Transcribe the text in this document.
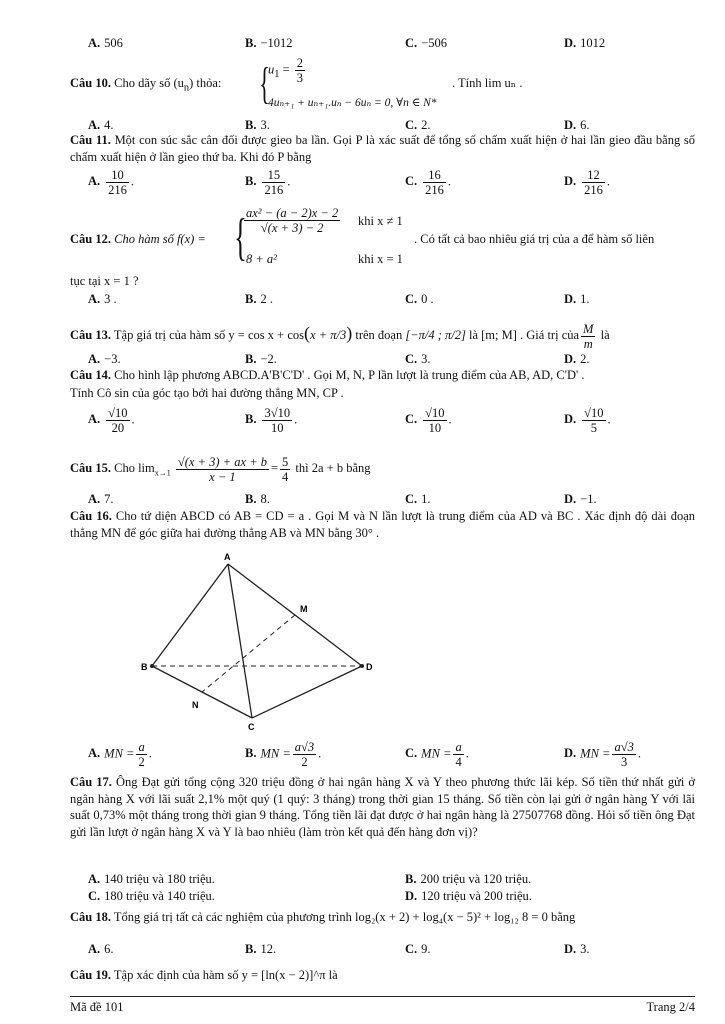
A. 506	B. −1012	C. −506	D. 1012
Câu 10. Cho dãy số $(u_n)$ thỏa: {
$u_1 = \frac{2}{3}$
4uₙ₊₁ + uₙ₊₁.uₙ − 6uₙ = 0, ∀n ∈ N*
. Tính lim uₙ .
A. 4.	B. 3.	C. 2.	D. 6.
Câu 11. Một con súc sắc cân đối được gieo ba lần. Gọi P là xác suất để tổng số chấm xuất hiện ở hai lần gieo đầu bằng số chấm xuất hiện ở lần gieo thứ ba. Khi đó P bằng
A. $\frac{10}{216}$ .	B. $\frac{15}{216}$ .	C. $\frac{16}{216}$ .	D. $\frac{12}{216}$ .
Câu 12. Cho hàm số f(x) = {
$\frac{\text{ax² − (a − 2)x − 2}}{√(x + 3) - 2}$ khi x ≠ 1
8 + a²	khi x = 1
. Có tất cả bao nhiêu giá trị của a để hàm số liên
tục tại x = 1 ?
A. 3 .	B. 2 .	C. 0 .	D. 1.
Câu 13. Tập giá trị của hàm số y = cos x + cos(x + π/3) trên đoạn [−π/4 ; π/2] là [m; M] . Giá trị của $\frac{M}{m}$ là
A. −3.	B. −2.	C. 3.	D. 2.
Câu 14. Cho hình lập phương ABCD.A'B'C'D' . Gọi M, N, P lần lượt là trung điểm của AB, AD, C'D' .
Tính Cô sin của góc tạo bởi hai đường thẳng MN, CP .
A. $\frac{√10}{20}$ .	B. $\frac{3√10}{10}$ .	C. $\frac{√10}{10}$ .	D. $\frac{√10}{5}$ .
Câu 15. Cho $\lim_{x\to 1} \frac{√(x + 3) + ax + b}{x - 1} = \frac{5}{4}$ thì 2a + b bằng
A. 7.	B. 8.	C. 1.	D. −1.
Câu 16. Cho tứ diện ABCD có AB = CD = a . Gọi M và N lần lượt là trung điểm của AD và BC . Xác định độ dài đoạn thẳng MN để góc giữa hai đường thẳng AB và MN bằng 30° .
A
B
C
D
M
N
A. MN = $\frac{a}{2}$ .	B. MN = $\frac{a√3}{2}$ .	C. MN = $\frac{a}{4}$ .	D. MN = $\frac{a√3}{3}$ .
Câu 17. Ông Đạt gửi tổng cộng 320 triệu đồng ở hai ngân hàng X và Y theo phương thức lãi kép. Số tiền thứ nhất gửi ở ngân hàng X với lãi suất 2,1% một quý (1 quý: 3 tháng) trong thời gian 15 tháng. Số tiền còn lại gửi ở ngân hàng Y với lãi suất 0,73% một tháng trong thời gian 9 tháng. Tổng tiền lãi đạt được ở hai ngân hàng là 27507768 đồng. Hỏi số tiền ông Đạt gửi lần lượt ở ngân hàng X và Y là bao nhiêu (làm tròn kết quả đến hàng đơn vị)?
A. 140 triệu và 180 triệu.	B. 200 triệu và 120 triệu.
C. 180 triệu và 140 triệu.	D. 120 triệu và 200 triệu.
Câu 18. Tổng giá trị tất cả các nghiệm của phương trình log₂(x + 2) + log₄(x − 5)² + log₁₂ 8 = 0 bằng
A. 6.	B. 12.	C. 9.	D. 3.
Câu 19. Tập xác định của hàm số y = [ln(x − 2)]^π là
Mã đề 101	Trang 2/4
